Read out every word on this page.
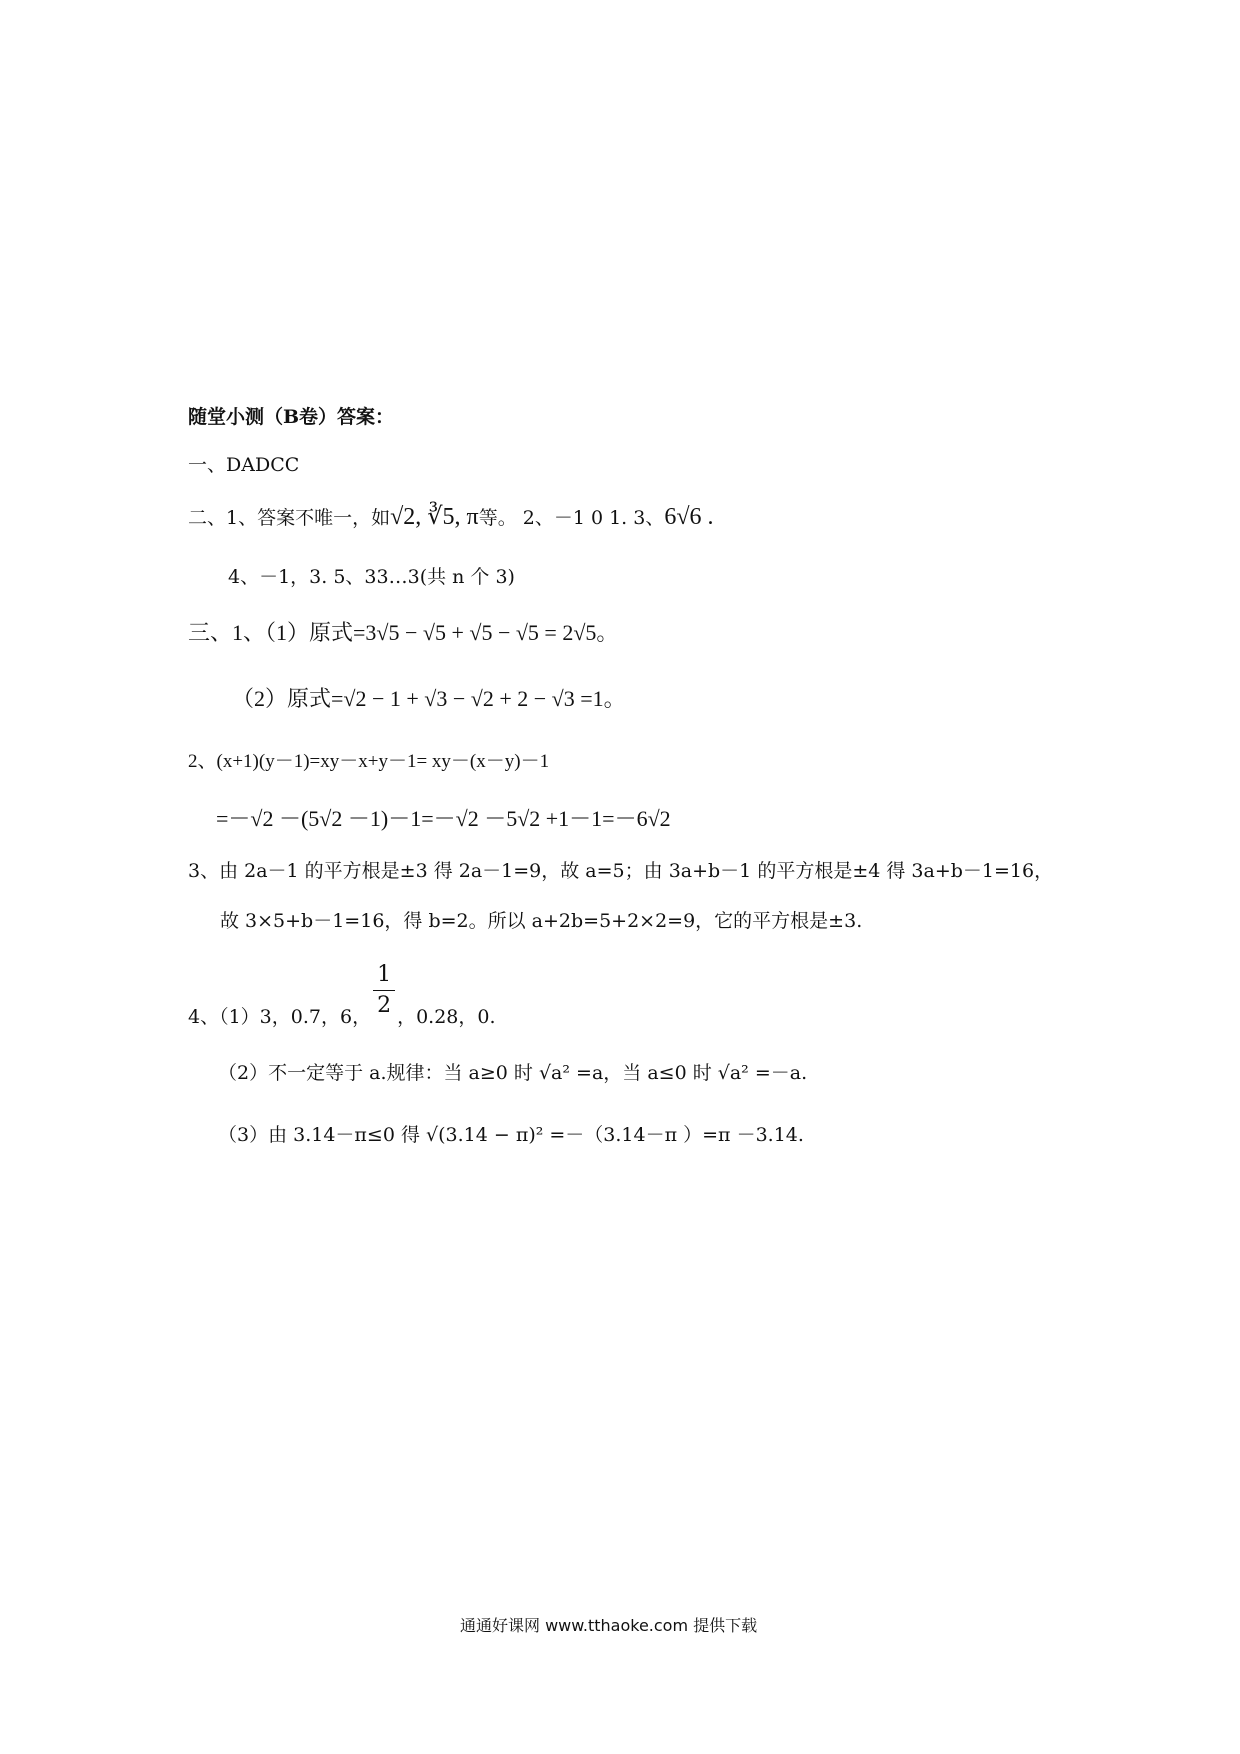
随堂小测（B卷）答案：
一、DADCC
二、1、答案不唯一，如√2, ∛5, π等。 2、－1 0 1. 3、6√6 .
4、－1，3. 5、33…3(共 n 个 3)
三、1、（1）原式=3√5 − √5 + √5 − √5 = 2√5。
（2）原式=√2 − 1 + √3 − √2 + 2 − √3 =1。
2、(x+1)(y－1)=xy－x+y－1= xy－(x－y)－1
=－√2 －(5√2 －1)－1=－√2 －5√2 +1－1=－6√2
3、由 2a－1 的平方根是±3 得 2a－1=9，故 a=5；由 3a+b－1 的平方根是±4 得 3a+b－1=16，
故 3×5+b－1=16，得 b=2。所以 a+2b=5+2×2=9，它的平方根是±3.
4、（1）3，0.7，6， $\frac{1}{2}$ ，0.28，0.
（2）不一定等于 a.规律：当 a≥0 时 √a² =a，当 a≤0 时 √a² =－a.
（3）由 3.14－π≤0 得 √(3.14 − π)² =－（3.14－π ）=π －3.14.
通通好课网 www.tthaoke.com 提供下载
